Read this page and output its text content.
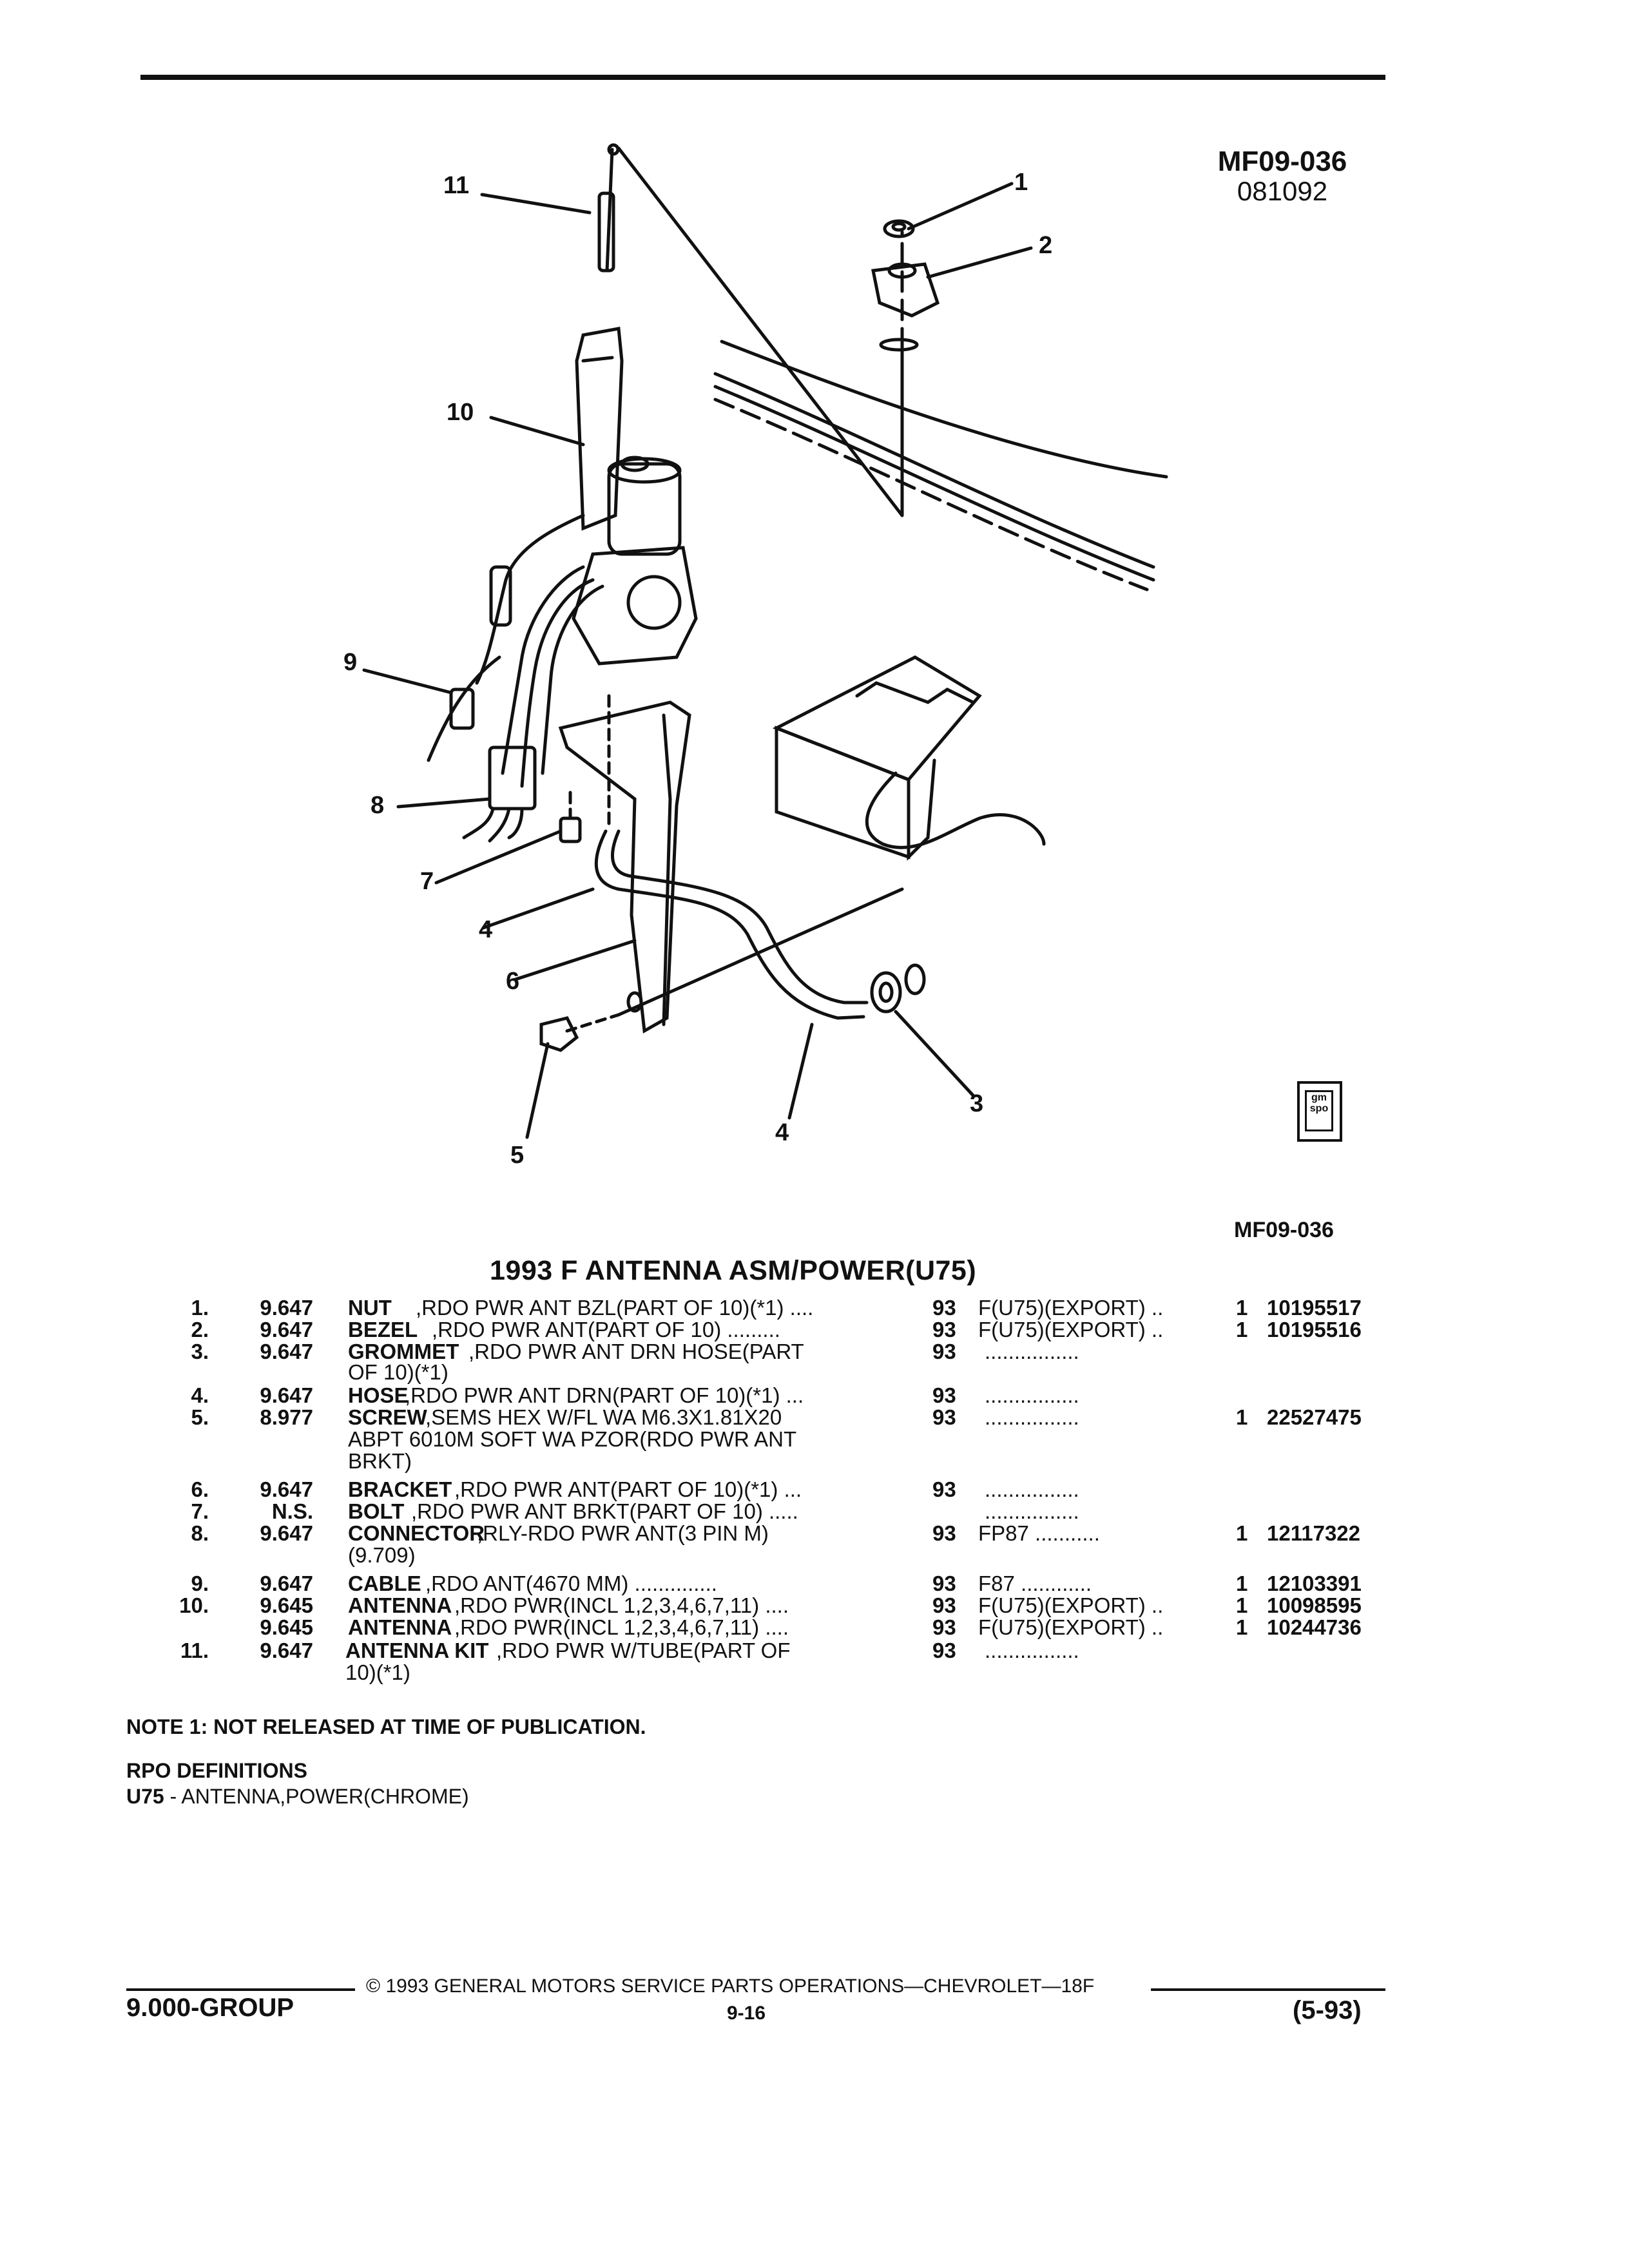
MF09-036
081092
1
2
3
4
4
5
6
7
8
9
10
11
gm spo
MF09-036
1993 F ANTENNA ASM/POWER(U75)
1.	9.647 NUT ,RDO PWR ANT BZL(PART OF 10)(*1) ....	93 F(U75)(EXPORT) ..	1 10195517
2.	9.647 BEZEL ,RDO PWR ANT(PART OF 10) .........	93 F(U75)(EXPORT) ..	1 10195516
3.	9.647 GROMMET ,RDO PWR ANT DRN HOSE(PART	93 ................
OF 10)(*1)
4.	9.647 HOSE
,RDO PWR ANT DRN(PART OF 10)(*1) ...	93 ................
5.	8.977 SCREW
,SEMS HEX W/FL WA M6.3X1.81X20	93 ................	1 22527475
ABPT 6010M SOFT WA PZOR(RDO PWR ANT
BRKT)
6.	9.647 BRACKET ,RDO PWR ANT(PART OF 10)(*1) ...	93 ................
7.	N.S. BOLT ,RDO PWR ANT BRKT(PART OF 10) .....	................
8.	9.647 CONNECTOR
,RLY-RDO PWR ANT(3 PIN M)	93 FP87 ...........	1 12117322
(9.709)
9.	9.647 CABLE ,RDO ANT(4670 MM) ..............	93 F87 ............	1 12103391
10.	9.645 ANTENNA ,RDO PWR(INCL 1,2,3,4,6,7,11) ....	93 F(U75)(EXPORT) ..	1 10098595
9.645 ANTENNA ,RDO PWR(INCL 1,2,3,4,6,7,11) ....	93 F(U75)(EXPORT) ..	1 10244736
11.	9.647 ANTENNA KIT ,RDO PWR W/TUBE(PART OF	93 ................
10)(*1)
NOTE 1: NOT RELEASED AT TIME OF PUBLICATION.
RPO DEFINITIONS
U75 - ANTENNA,POWER(CHROME)
© 1993 GENERAL MOTORS SERVICE PARTS OPERATIONS—CHEVROLET—18F
9.000-GROUP	9-16	(5-93)
